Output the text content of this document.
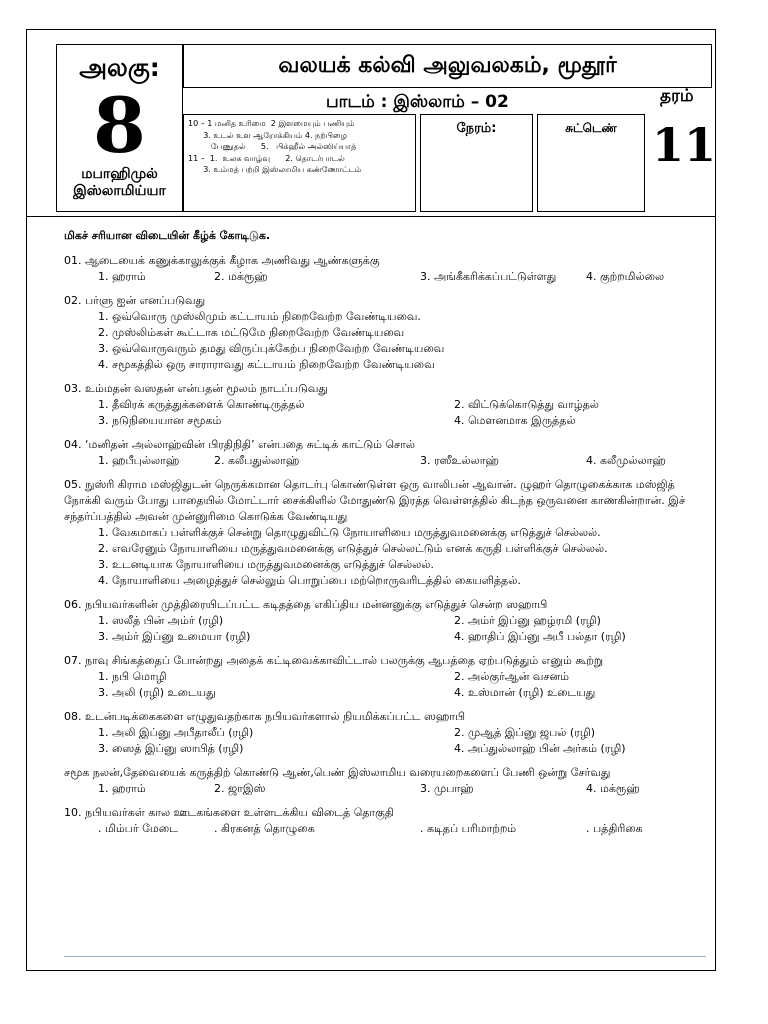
அலகு:
8
மபாஹிமுல் இஸ்லாமிய்யா
வலயக் கல்வி அலுவலகம், மூதூர்
பாடம் : இஸ்லாம் – 02	தரம்
10 – 1 மனித உரிமை  2 இளமையும் பணியும்
3. உடல் உள ஆரோக்கியம் 4. நற்பிழை
பேணுதல்      5.   பிக்ஹீல் அல்ஸிய்யாத்
11 –  1.  உலக வாழ்வு      2. தொடர்பாடல்
3. உம்மத் பற்றி இஸ்லாமிய கண்ணோட்டம்
நேரம்:	சுட்டெண் 11
மிகச் சரியான விடையின் கீழ்க் கோடிடுக.
01. ஆடையைக் கணுக்காலுக்குக் கீழாக அணிவது ஆண்களுக்கு
1. ஹராம்	2. மக்ரூஹ்	3. அங்கீகரிக்கப்பட்டுள்ளது	4. குற்றமில்லை
02. பர்ளு ஐன் எனப்படுவது
1. ஒவ்வொரு முஸ்லிமும் கட்டாயம் நிறைவேற்ற வேண்டியவை.
2. முஸ்லிம்கள் கூட்டாக மட்டுமே நிறைவேற்ற வேண்டியவை
3. ஒவ்வொருவரும் தமது விருப்புக்கேற்ப நிறைவேற்ற வேண்டியவை
4. சமூகத்தில் ஒரு சாராராவது கட்டாயம் நிறைவேற்ற வேண்டியவை
03. உம்மதன் வஸதன் என்பதன் மூலம் நாடப்படுவது
1. தீவிரக் கருத்துக்களைக் கொண்டிருத்தல்	2. விட்டுக்கொடுத்து வாழ்தல்
3. நடுநியையான சமூகம்	4. மௌனமாக இருத்தல்
04. ‘மனிதன் அல்லாஹ்வின் பிரதிநிதி’ என்பதை சுட்டிக் காட்டும் சொல்
1. ஹபீபுல்லாஹ்	2. கலீபதுல்லாஹ்	3. ரஸீஉல்லாஹ்	4. கலீமுல்லாஹ்
05. நுஸ்ரி கிராம மஸ்ஜிதுடன் நெருக்கமான தொடர்பு கொண்டுள்ள ஒரு வாலிபன் ஆவான். ழுஹர் தொழுகைக்காக மஸ்ஜித் நோக்கி வரும் போது பாதையில் மோட்டார் சைக்கிளில் மோதுண்டு இரத்த வெள்ளத்தில் கிடந்த ஒருவனை காணகின்றான். இச் சந்தர்ப்பத்தில் அவன் முன்னுரிமை கொடுக்க வேண்டியது
1. வேகமாகப் பள்ளிக்குச் சென்று தொழுதுவிட்டு நோயாளியை மருத்துவமனைக்கு எடுத்துச் செல்லல்.
2. எவரேனும் நோயாளியை மருத்துவமனைக்கு எடுத்துச் செல்லட்டும் எனக் கருதி பள்ளிக்குச் செல்லல்.
3. உடனடியாக நோயாளியை மருத்துவமனைக்கு எடுத்துச் செல்லல்.
4. நோயாளியை அழைத்துச் செல்லும் பொறுப்பை மற்றொருவரிடத்தில் கையளித்தல்.
06. நபியவர்களின் முத்திரையிடப்பட்ட கடிதத்தை எகிப்திய மன்னனுக்கு எடுத்துச் சென்ற ஸஹாபி
1. ஸலீத் பின் அம்ர் (ரழி)	2. அம்ர் இப்னு ஹழ்ரமி (ரழி)
3. அம்ர் இப்னு உமையா (ரழி)	4. ஹாதிப் இப்னு அபீ பல்தா (ரழி)
07. நாவு சிங்கத்தைப் போன்றது அதைக் கட்டிவைக்காவிட்டால் பலருக்கு ஆபத்தை ஏற்படுத்தும் எனும் கூற்று
1. நபி மொழி	2. அல்குர்ஆன் வசனம்
3. அலி (ரழி) உடையது	4. உஸ்மான் (ரழி) உடையது
08. உடன்படிக்கைகளை எழுதுவதற்காக நபியவர்களால் நியமிக்கப்பட்ட ஸஹாபி
1. அலி இப்னு அபீதாலீப் (ரழி)	2. முஆத் இப்னு ஜபல் (ரழி)
3. ஸைத் இப்னு ஸாபித் (ரழி)	4. அப்துல்லாஹ் பின் அர்கம் (ரழி)
சமூக நலன்,தேவையைக் கருத்திற் கொண்டு ஆண்,பெண் இஸ்லாமிய வரையறைகளைப் பேணி ஒன்று சேர்வது
1. ஹராம்	2. ஜாஇஸ்	3. முபாஹ்	4. மக்ரூஹ்
10. நபியவர்கள் கால ஊடகங்களை உள்ளடக்கிய விடைத் தொகுதி
. மிம்பர் மேடை	. கிரகனத் தொழுகை	. கடிதப் பரிமாற்றம்	. பத்திரிகை
